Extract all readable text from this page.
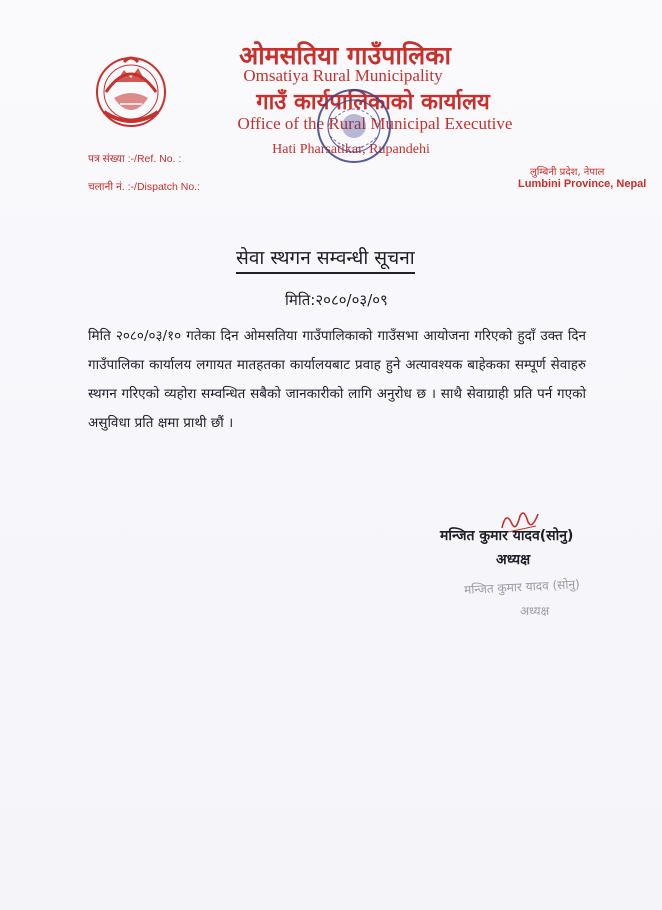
ओमसतिया गाउँपालिका
Omsatiya Rural Municipality
गाउँ कार्यपालिकाको कार्यालय
Office of the Rural Municipal Executive
Hati Pharsatikar, Rupandehi
पत्र संख्या :-/Ref. No. :
चलानी नं. :-/Dispatch No.:
लुम्बिनी प्रदेश, नेपाल
Lumbini Province, Nepal
सेवा स्थगन सम्वन्धी सूचना
मिति:२०८०/०३/०९
मिति २०८०/०३/१० गतेका दिन ओमसतिया गाउँपालिकाको गाउँसभा आयोजना गरिएको हुदाँ उक्त दिन गाउँपालिका कार्यालय लगायत मातहतका कार्यालयबाट प्रवाह हुने अत्यावश्यक बाहेकका सम्पूर्ण सेवाहरु स्थगन गरिएको व्यहोरा सम्वन्धित सबैको जानकारीको लागि अनुरोध छ । साथै सेवाग्राही प्रति पर्न गएको असुविधा प्रति क्षमा प्राथी छौं ।
मन्जित कुमार यादव(सोनु)
अध्यक्ष
मन्जित कुमार यादव (सोनु)
अध्यक्ष
